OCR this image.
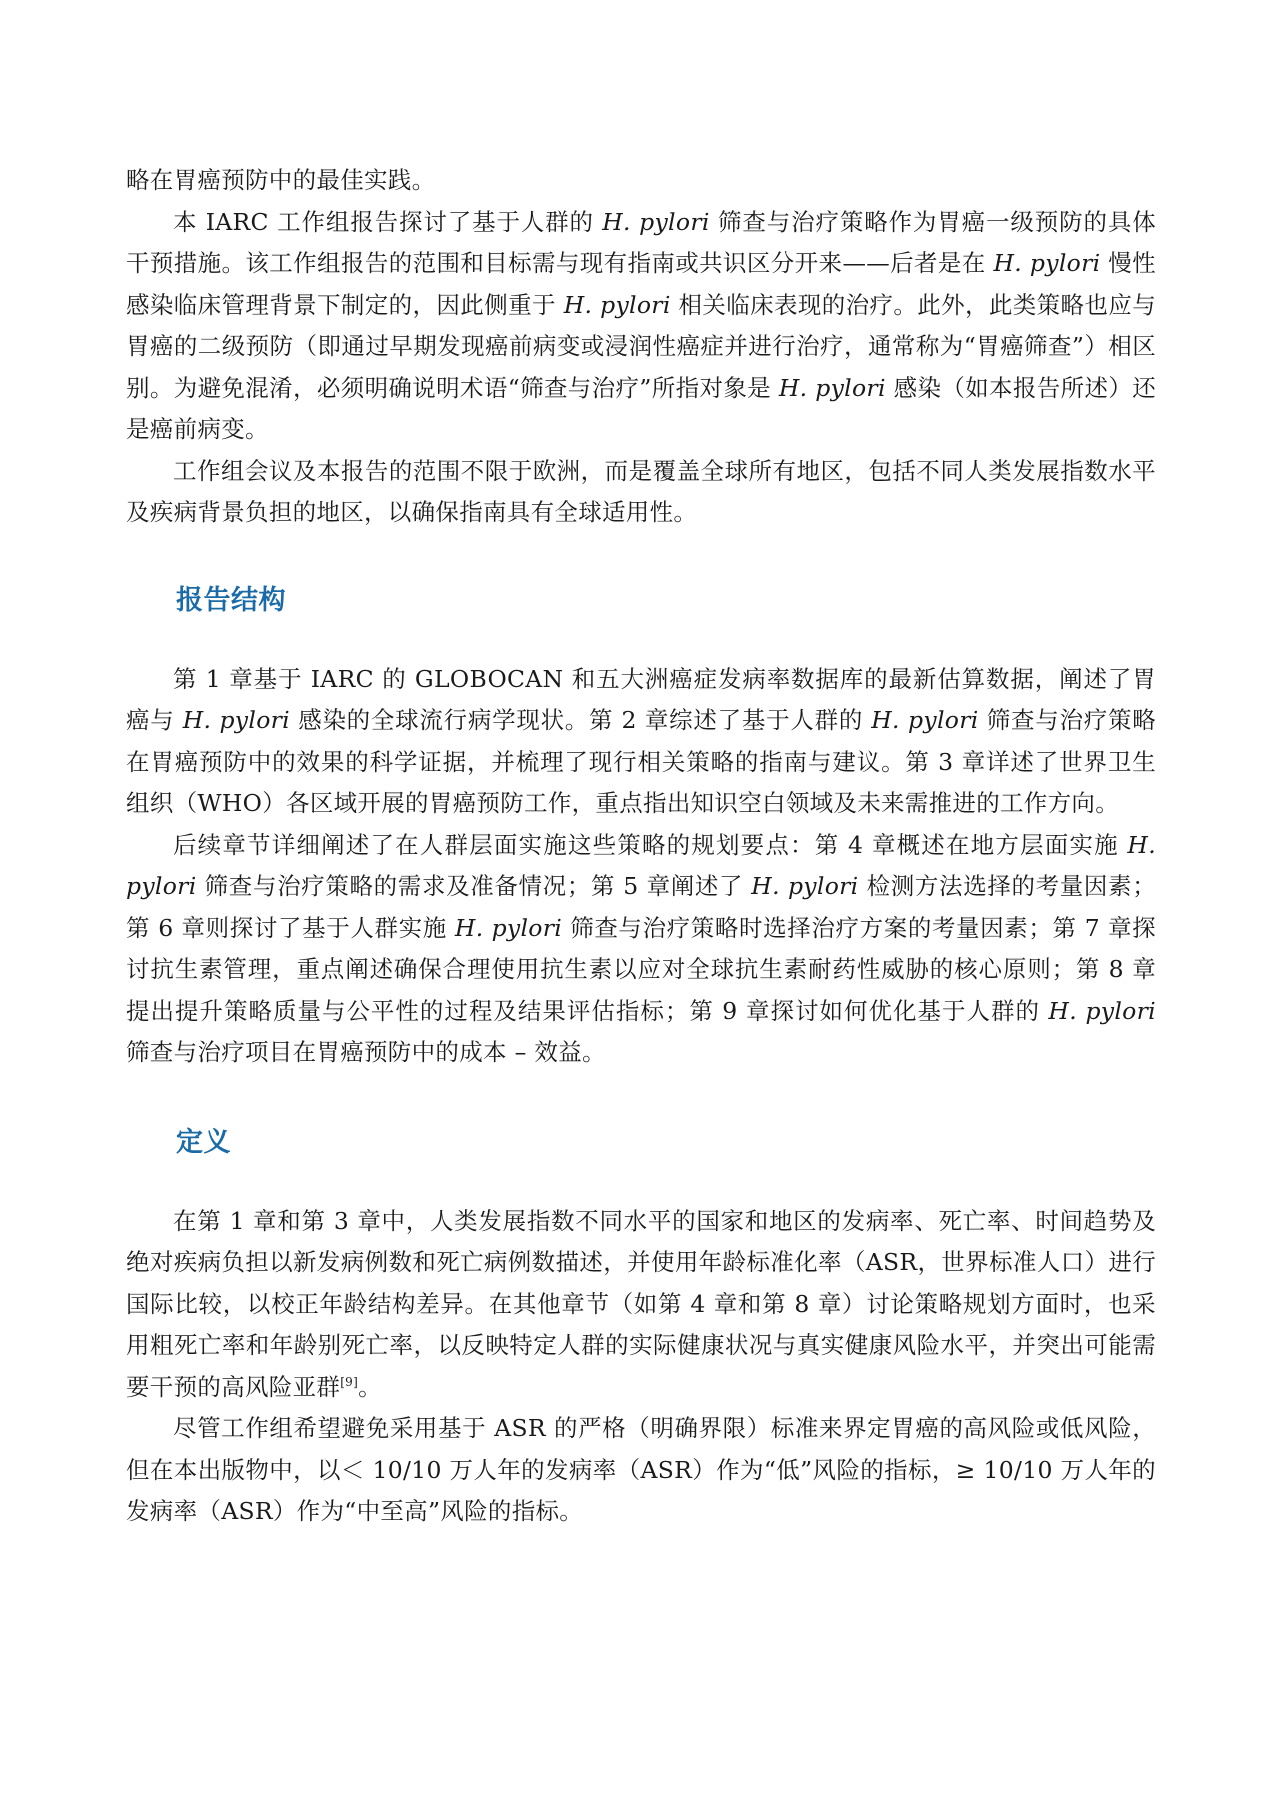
略在胃癌预防中的最佳实践。

本 IARC 工作组报告探讨了基于人群的 H. pylori 筛查与治疗策略作为胃癌一级预防的具体干预措施。该工作组报告的范围和目标需与现有指南或共识区分开来——后者是在 H. pylori 慢性感染临床管理背景下制定的，因此侧重于 H. pylori 相关临床表现的治疗。此外，此类策略也应与胃癌的二级预防（即通过早期发现癌前病变或浸润性癌症并进行治疗，通常称为“胃癌筛查”）相区别。为避免混淆，必须明确说明术语“筛查与治疗”所指对象是 H. pylori 感染（如本报告所述）还是癌前病变。

工作组会议及本报告的范围不限于欧洲，而是覆盖全球所有地区，包括不同人类发展指数水平及疾病背景负担的地区，以确保指南具有全球适用性。

报告结构

第 1 章基于 IARC 的 GLOBOCAN 和五大洲癌症发病率数据库的最新估算数据，阐述了胃癌与 H. pylori 感染的全球流行病学现状。第 2 章综述了基于人群的 H. pylori 筛查与治疗策略在胃癌预防中的效果的科学证据，并梳理了现行相关策略的指南与建议。第 3 章详述了世界卫生组织（WHO）各区域开展的胃癌预防工作，重点指出知识空白领域及未来需推进的工作方向。

后续章节详细阐述了在人群层面实施这些策略的规划要点：第 4 章概述在地方层面实施 H. pylori 筛查与治疗策略的需求及准备情况；第 5 章阐述了 H. pylori 检测方法选择的考量因素；第 6 章则探讨了基于人群实施 H. pylori 筛查与治疗策略时选择治疗方案的考量因素；第 7 章探讨抗生素管理，重点阐述确保合理使用抗生素以应对全球抗生素耐药性威胁的核心原则；第 8 章提出提升策略质量与公平性的过程及结果评估指标；第 9 章探讨如何优化基于人群的 H. pylori 筛查与治疗项目在胃癌预防中的成本 – 效益。

定义

在第 1 章和第 3 章中，人类发展指数不同水平的国家和地区的发病率、死亡率、时间趋势及绝对疾病负担以新发病例数和死亡病例数描述，并使用年龄标准化率（ASR，世界标准人口）进行国际比较，以校正年龄结构差异。在其他章节（如第 4 章和第 8 章）讨论策略规划方面时，也采用粗死亡率和年龄别死亡率，以反映特定人群的实际健康状况与真实健康风险水平，并突出可能需要干预的高风险亚群[9]。

尽管工作组希望避免采用基于 ASR 的严格（明确界限）标准来界定胃癌的高风险或低风险，但在本出版物中，以＜ 10/10 万人年的发病率（ASR）作为“低”风险的指标，≥ 10/10 万人年的发病率（ASR）作为“中至高”风险的指标。
